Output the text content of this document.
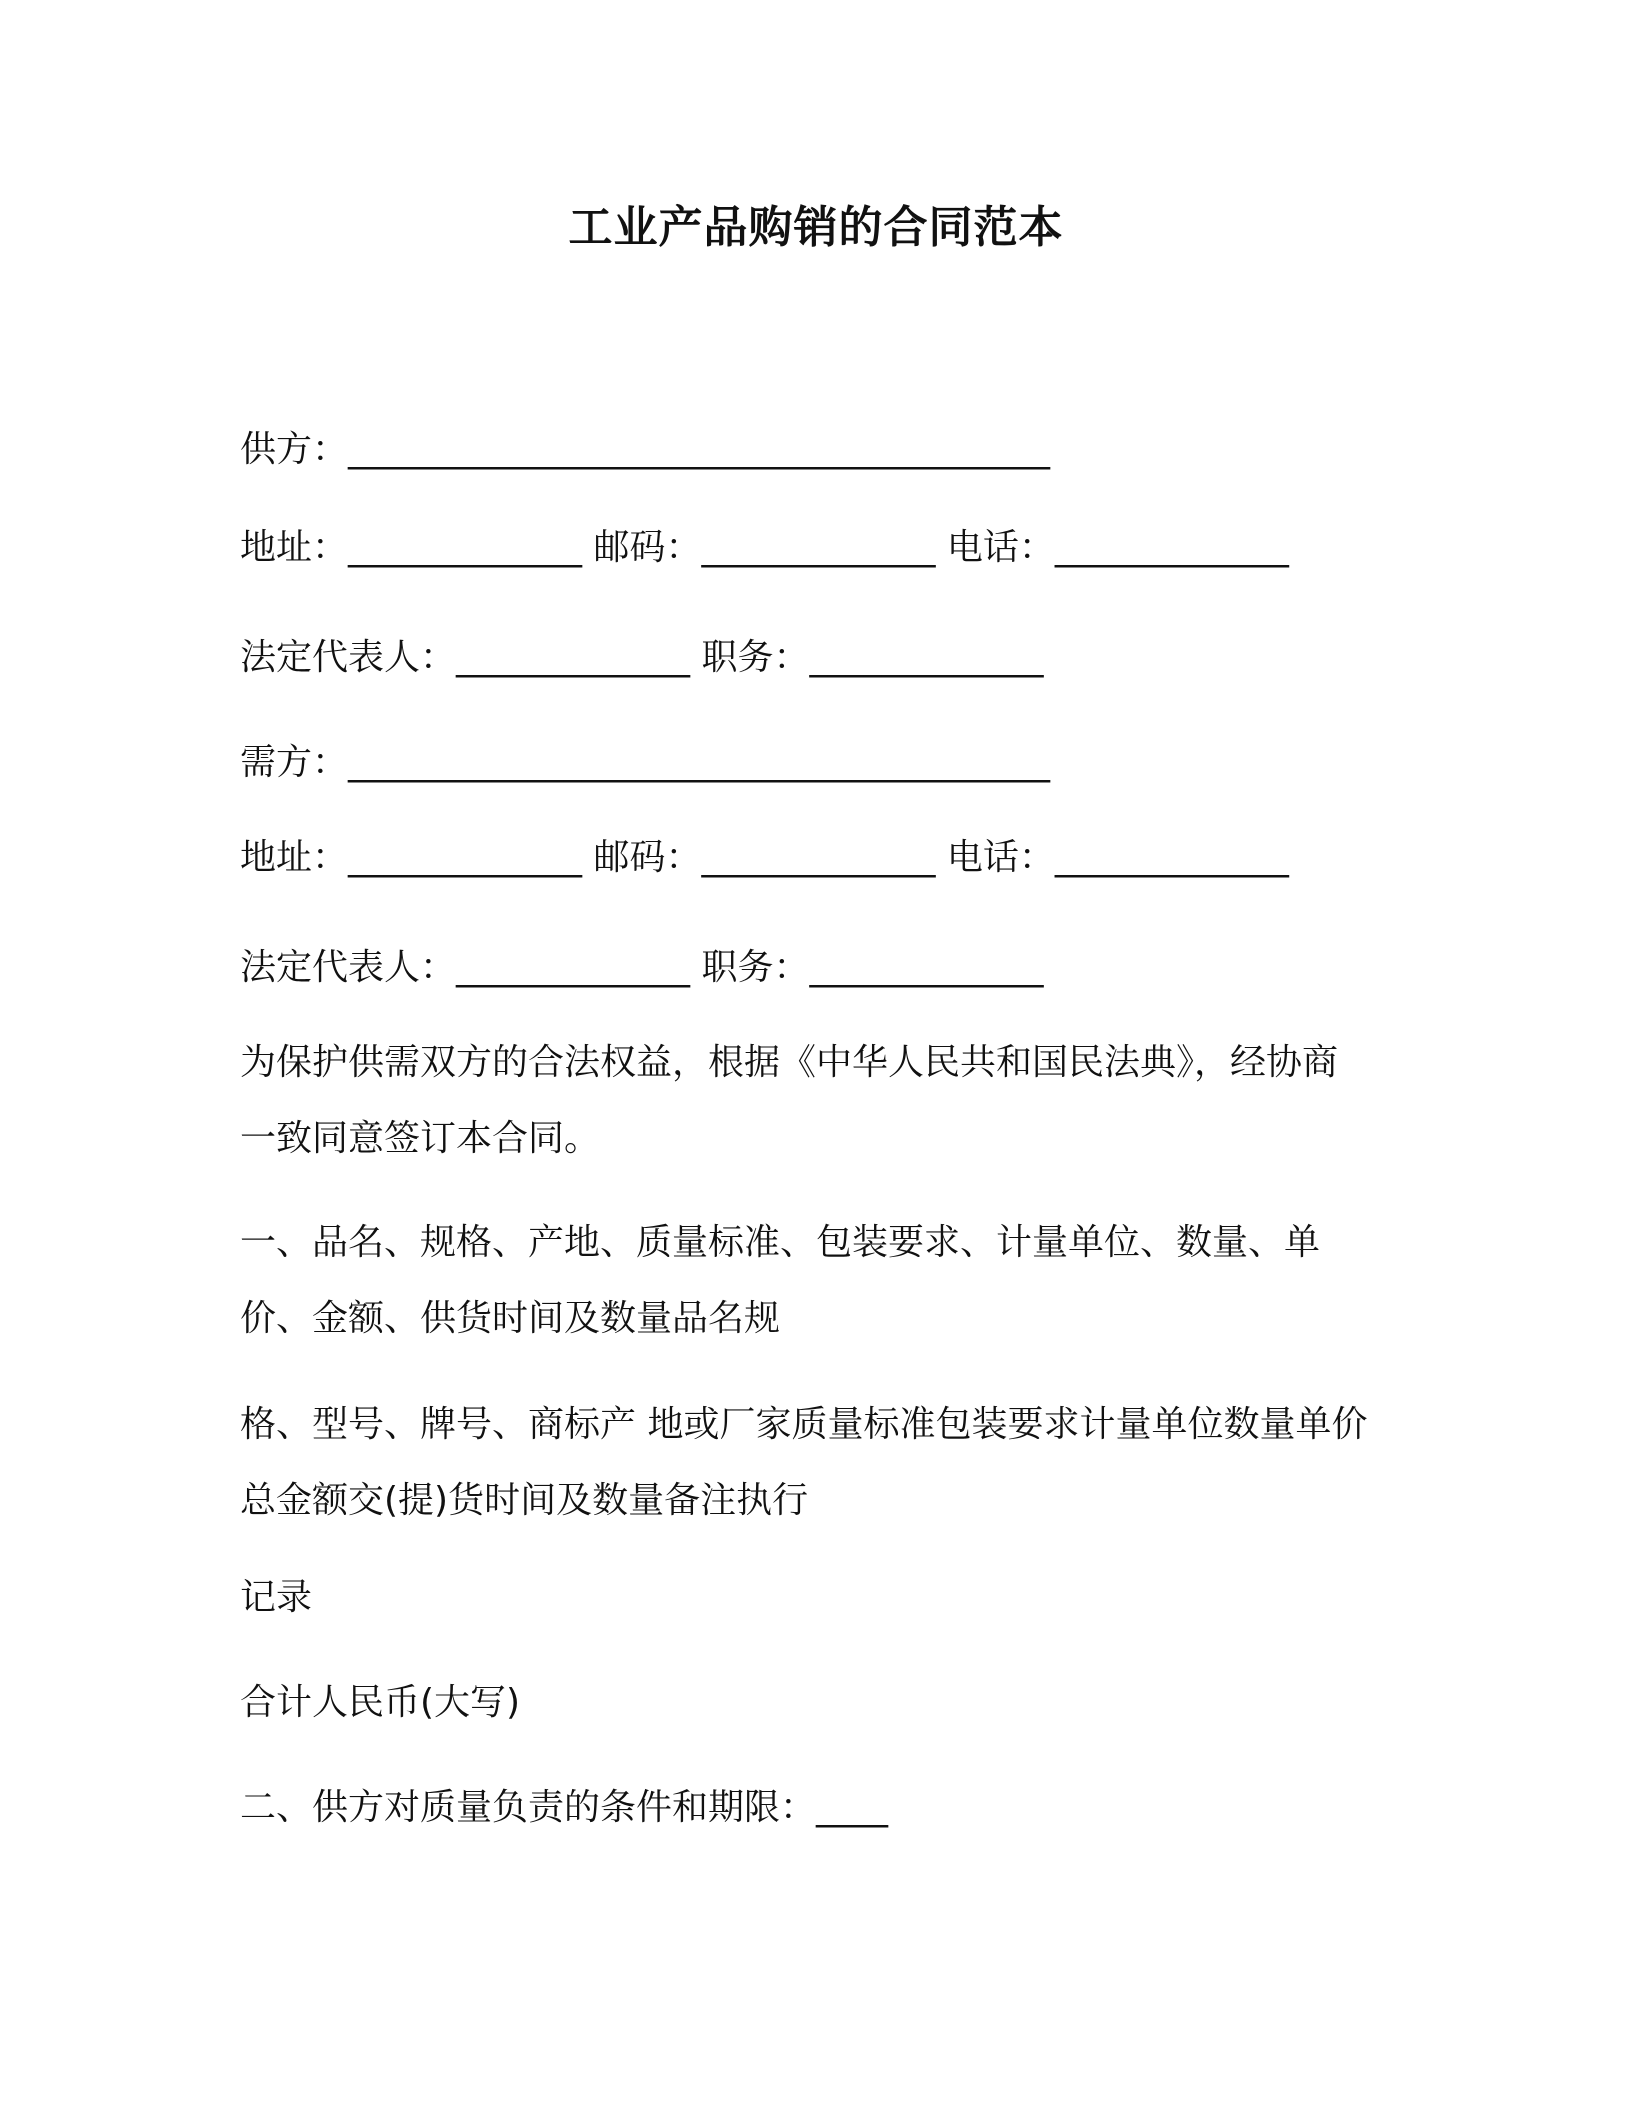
工业产品购销的合同范本
供方：_______________________________________
地址：_____________ 邮码：_____________ 电话：_____________
法定代表人：_____________ 职务：_____________
需方：_______________________________________
地址：_____________ 邮码：_____________ 电话：_____________
法定代表人：_____________ 职务：_____________
为保护供需双方的合法权益，根据《中华人民共和国民法典》，经协商一致同意签订本合同。
一、品名、规格、产地、质量标准、包装要求、计量单位、数量、单价、金额、供货时间及数量品名规
格、型号、牌号、商标产 地或厂家质量标准包装要求计量单位数量单价总金额交(提)货时间及数量备注执行
记录
合计人民币(大写)
二、供方对质量负责的条件和期限：____
